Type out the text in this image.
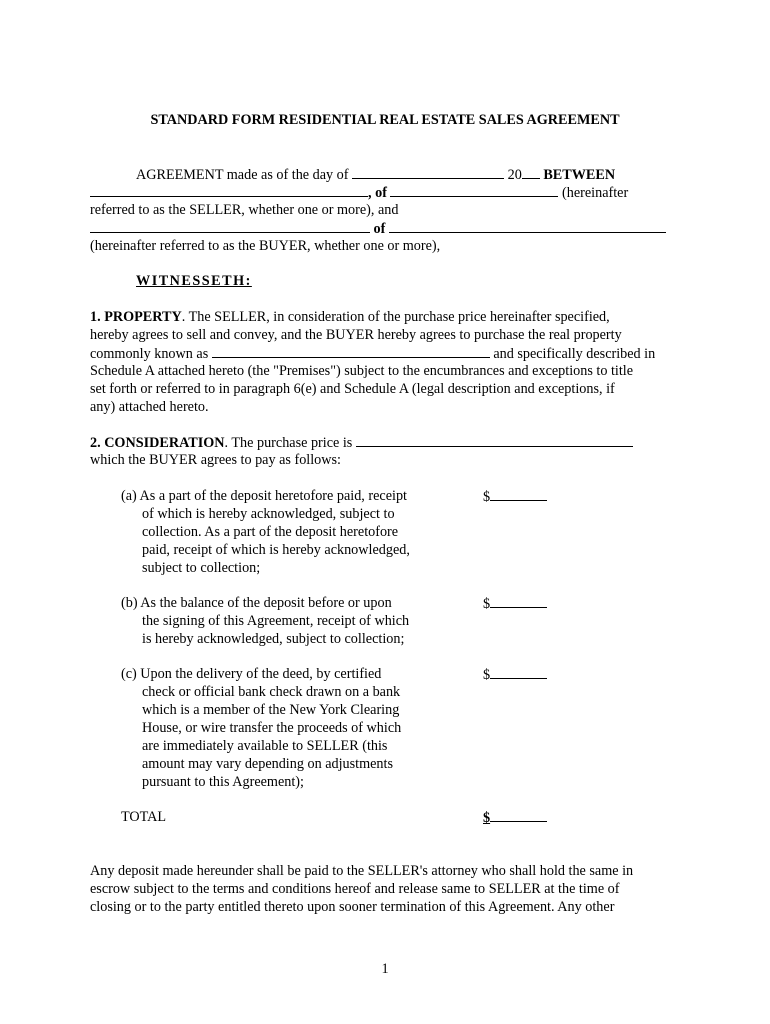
STANDARD FORM RESIDENTIAL REAL ESTATE SALES AGREEMENT
AGREEMENT made as of the day of	20 BETWEEN
, of	(hereinafter
referred to as the SELLER, whether one or more), and
of
(hereinafter referred to as the BUYER, whether one or more),
WITNESSETH:
1. PROPERTY. The SELLER, in consideration of the purchase price hereinafter specified,
hereby agrees to sell and convey, and the BUYER hereby agrees to purchase the real property
commonly known as	and specifically described in
Schedule A attached hereto (the "Premises") subject to the encumbrances and exceptions to title
set forth or referred to in paragraph 6(e) and Schedule A (legal description and exceptions, if
any) attached hereto.
2. CONSIDERATION. The purchase price is
which the BUYER agrees to pay as follows:
(a) As a part of the deposit heretofore paid, receipt
of which is hereby acknowledged, subject to
collection. As a part of the deposit heretofore
paid, receipt of which is hereby acknowledged,
subject to collection;
$
(b) As the balance of the deposit before or upon
the signing of this Agreement, receipt of which
is hereby acknowledged, subject to collection;
$
(c) Upon the delivery of the deed, by certified
check or official bank check drawn on a bank
which is a member of the New York Clearing
House, or wire transfer the proceeds of which
are immediately available to SELLER (this
amount may vary depending on adjustments
pursuant to this Agreement);
$
TOTAL	$
Any deposit made hereunder shall be paid to the SELLER's attorney who shall hold the same in
escrow subject to the terms and conditions hereof and release same to SELLER at the time of
closing or to the party entitled thereto upon sooner termination of this Agreement. Any other
1
